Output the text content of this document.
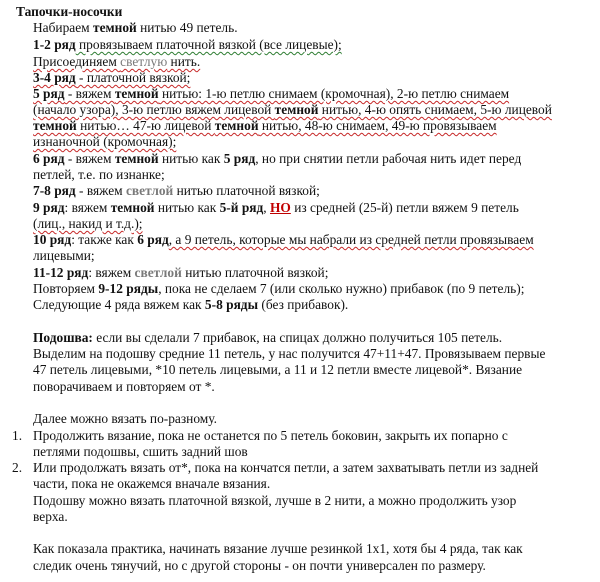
Тапочки-носочки
Набираем темной нитью 49 петель.
1-2 ряд провязываем платочной вязкой (все лицевые);
Присоединяем светлую нить.
3-4 ряд - платочной вязкой;
5 ряд - вяжем темной нитью: 1-ю петлю снимаем (кромочная), 2-ю петлю снимаем
(начало узора), 3-ю петлю вяжем лицевой темной нитью, 4-ю опять снимаем, 5-ю лицевой
темной нитью… 47-ю лицевой темной нитью, 48-ю снимаем, 49-ю провязываем
изнаночной (кромочная);
6 ряд - вяжем темной нитью как 5 ряд, но при снятии петли рабочая нить идет перед
петлей, т.е. по изнанке;
7-8 ряд - вяжем светлой нитью платочной вязкой;
9 ряд: вяжем темной нитью как 5-й ряд, НО из средней (25-й) петли вяжем 9 петель
(лиц., накид и т.д.);
10 ряд: также как 6 ряд, а 9 петель, которые мы набрали из средней петли провязываем
лицевыми;
11-12 ряд: вяжем светлой нитью платочной вязкой;
Повторяем 9-12 ряды, пока не сделаем 7 (или сколько нужно) прибавок (по 9 петель);
Следующие 4 ряда вяжем как 5-8 ряды (без прибавок).
Подошва: если вы сделали 7 прибавок, на спицах должно получиться 105 петель.
Выделим на подошву средние 11 петель, у нас получится 47+11+47. Провязываем первые
47 петель лицевыми, *10 петель лицевыми, а 11 и 12 петли вместе лицевой*. Вязание
поворачиваем и повторяем от *.
Далее можно вязать по-разному.
1. Продолжить вязание, пока не останется по 5 петель боковин, закрыть их попарно с
петлями подошвы, сшить задний шов
2. Или продолжать вязать от*, пока на кончатся петли, а затем захватывать петли из задней
части, пока не окажемся вначале вязания.
Подошву можно вязать платочной вязкой, лучше в 2 нити, а можно продолжить узор
верха.
Как показала практика, начинать вязание лучше резинкой 1х1, хотя бы 4 ряда, так как
следик очень тянучий, но с другой стороны - он почти универсален по размеру.
